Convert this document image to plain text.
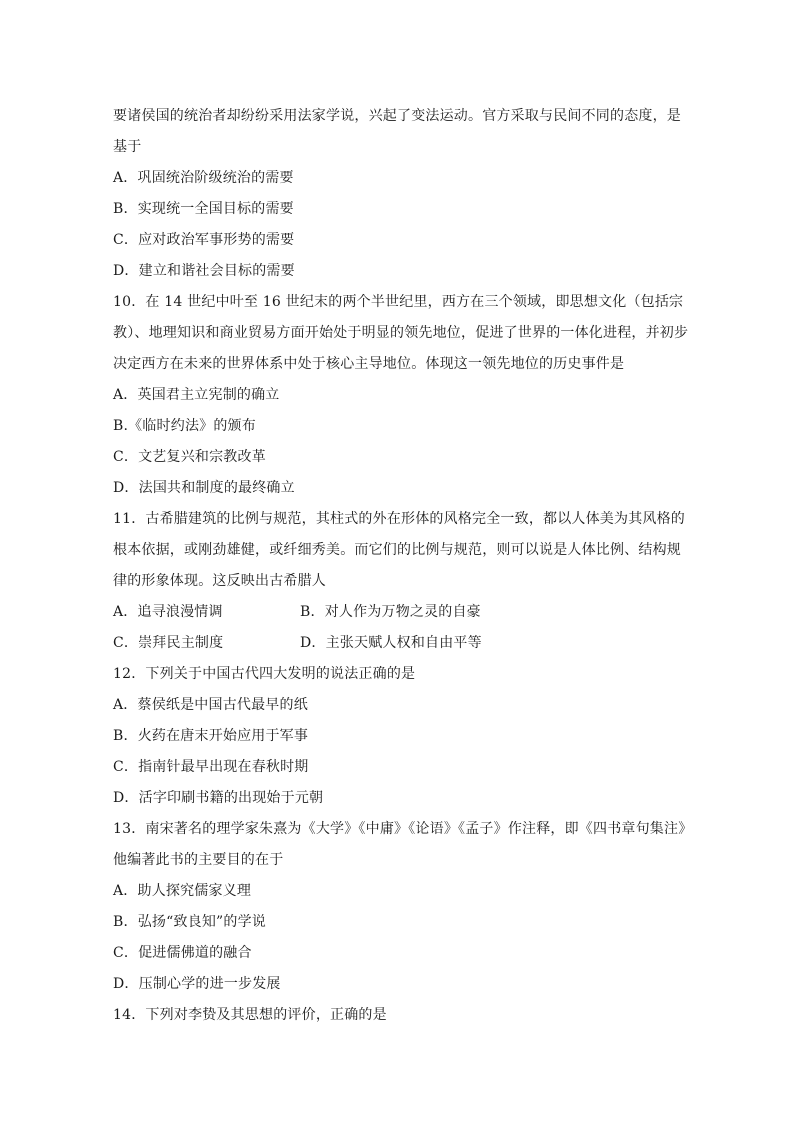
要诸侯国的统治者却纷纷采用法家学说，兴起了变法运动。官方采取与民间不同的态度，是
基于
A．巩固统治阶级统治的需要
B．实现统一全国目标的需要
C．应对政治军事形势的需要
D．建立和谐社会目标的需要
10．在 14 世纪中叶至 16 世纪末的两个半世纪里，西方在三个领域，即思想文化（包括宗
教）、地理知识和商业贸易方面开始处于明显的领先地位，促进了世界的一体化进程，并初步
决定西方在未来的世界体系中处于核心主导地位。体现这一领先地位的历史事件是
A．英国君主立宪制的确立
B.《临时约法》的颁布
C．文艺复兴和宗教改革
D．法国共和制度的最终确立
11．古希腊建筑的比例与规范，其柱式的外在形体的风格完全一致，都以人体美为其风格的
根本依据，或刚劲雄健，或纤细秀美。而它们的比例与规范，则可以说是人体比例、结构规
律的形象体现。这反映出古希腊人
A．追寻浪漫情调	B．对人作为万物之灵的自豪
C．崇拜民主制度	D．主张天赋人权和自由平等
12．下列关于中国古代四大发明的说法正确的是
A．蔡侯纸是中国古代最早的纸
B．火药在唐末开始应用于军事
C．指南针最早出现在春秋时期
D．活字印刷书籍的出现始于元朝
13．南宋著名的理学家朱熹为《大学》《中庸》《论语》《孟子》作注释，即《四书章句集注》
他编著此书的主要目的在于
A．助人探究儒家义理
B．弘扬“致良知”的学说
C．促进儒佛道的融合
D．压制心学的进一步发展
14．下列对李贽及其思想的评价，正确的是
